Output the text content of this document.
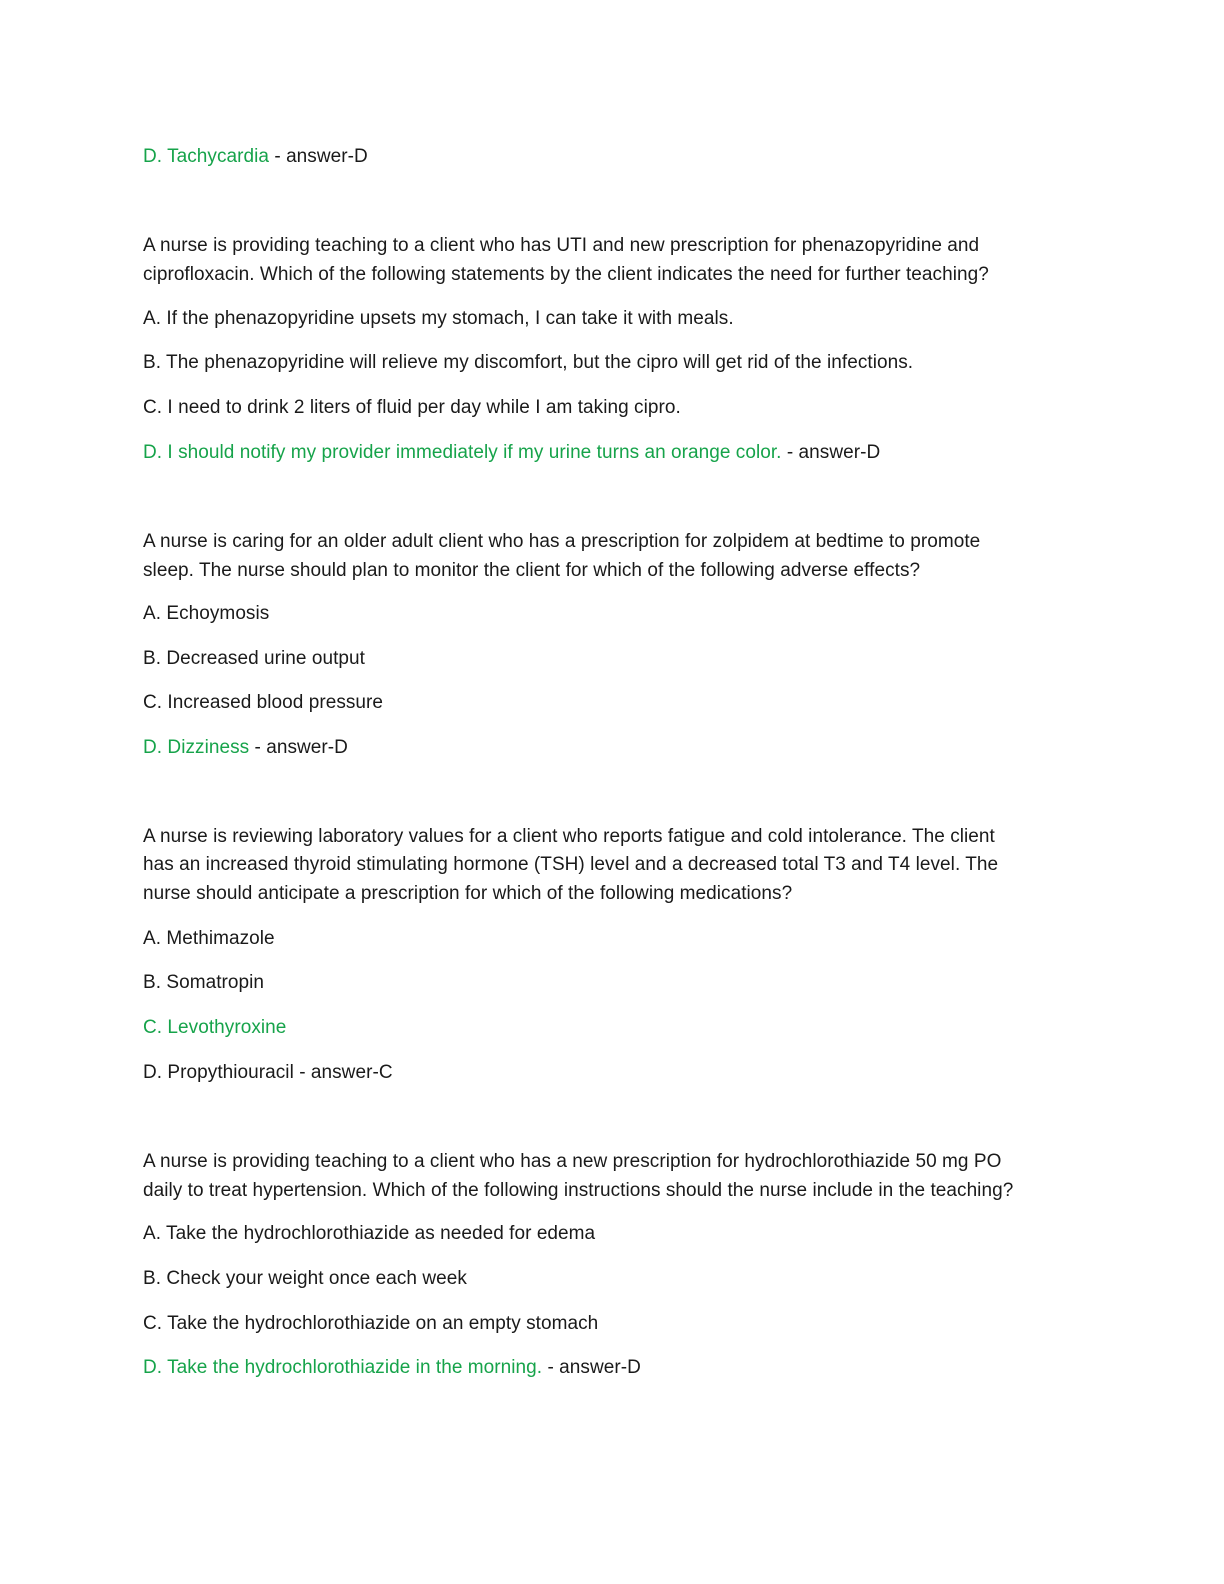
D. Tachycardia - answer-D
A nurse is providing teaching to a client who has UTI and new prescription for phenazopyridine and
ciprofloxacin. Which of the following statements by the client indicates the need for further teaching?
A. If the phenazopyridine upsets my stomach, I can take it with meals.
B. The phenazopyridine will relieve my discomfort, but the cipro will get rid of the infections.
C. I need to drink 2 liters of fluid per day while I am taking cipro.
D. I should notify my provider immediately if my urine turns an orange color. - answer-D
A nurse is caring for an older adult client who has a prescription for zolpidem at bedtime to promote
sleep. The nurse should plan to monitor the client for which of the following adverse effects?
A. Echoymosis
B. Decreased urine output
C. Increased blood pressure
D. Dizziness - answer-D
A nurse is reviewing laboratory values for a client who reports fatigue and cold intolerance. The client
has an increased thyroid stimulating hormone (TSH) level and a decreased total T3 and T4 level. The
nurse should anticipate a prescription for which of the following medications?
A. Methimazole
B. Somatropin
C. Levothyroxine
D. Propythiouracil - answer-C
A nurse is providing teaching to a client who has a new prescription for hydrochlorothiazide 50 mg PO
daily to treat hypertension. Which of the following instructions should the nurse include in the teaching?
A. Take the hydrochlorothiazide as needed for edema
B. Check your weight once each week
C. Take the hydrochlorothiazide on an empty stomach
D. Take the hydrochlorothiazide in the morning. - answer-D
